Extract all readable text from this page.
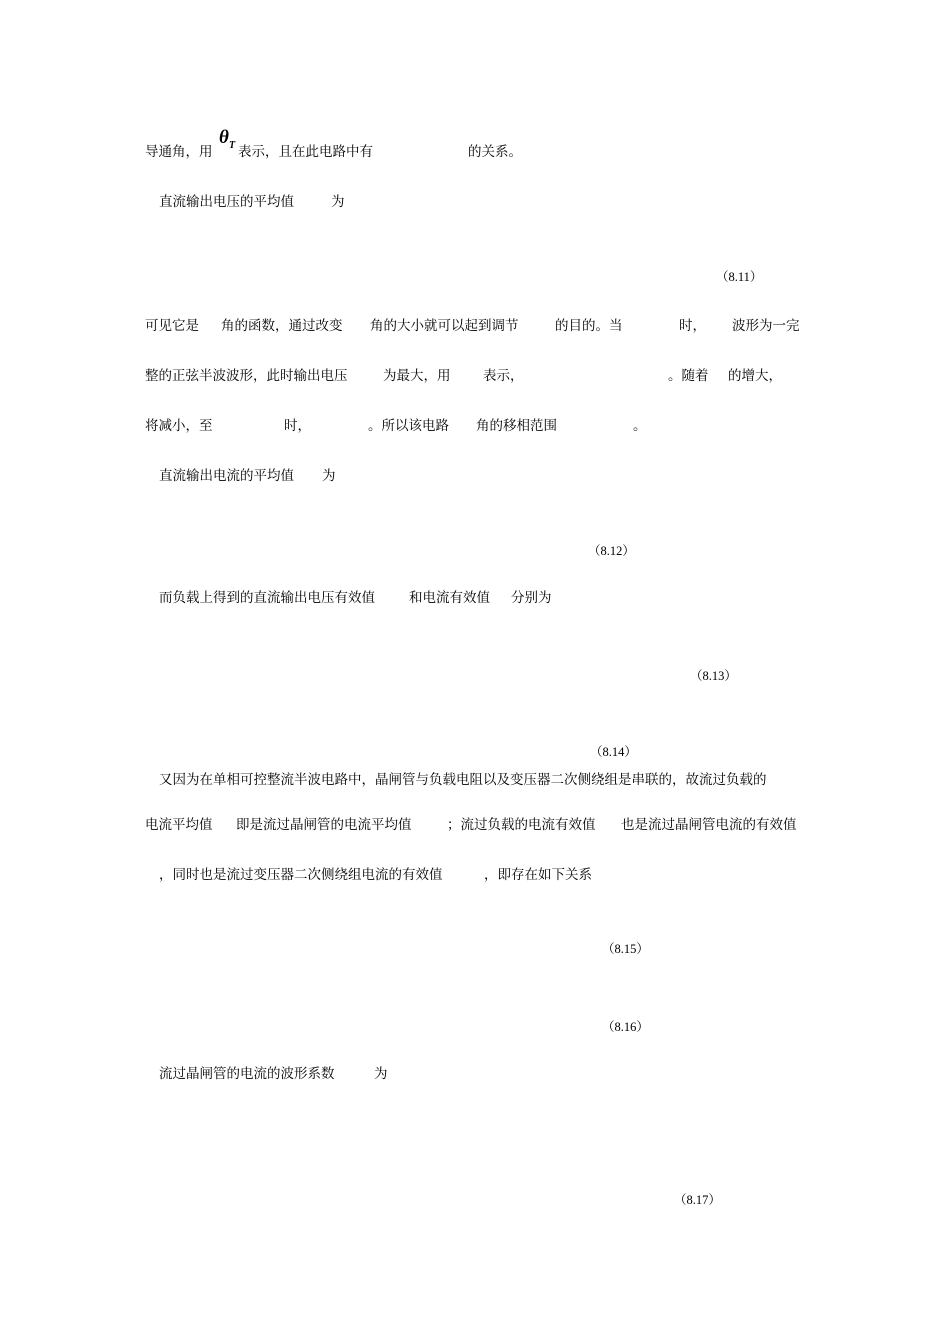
导通角，用
θ T 表示，且在此电路中有	的关系。
直流输出电压的平均值	为
（8.11）
可见它是 角的函数，通过改变 角的大小就可以起到调节	的目的。当	时， 波形为一完
整的正弦半波波形，此时输出电压	为最大，用 表示，	。随着 的增大，
将减小，至	时，	。所以该电路 角的移相范围	。
直流输出电流的平均值 为
（8.12）
而负载上得到的直流输出电压有效值	和电流有效值 分别为
（8.13）
（8.14）
又因为在单相可控整流半波电路中，晶闸管与负载电阻以及变压器二次侧绕组是串联的，故流过负载的
电流平均值 即是流过晶闸管的电流平均值	；流过负载的电流有效值 也是流过晶闸管电流的有效值
，同时也是流过变压器二次侧绕组电流的有效值	，即存在如下关系
（8.15）
（8.16）
流过晶闸管的电流的波形系数	为
（8.17）
